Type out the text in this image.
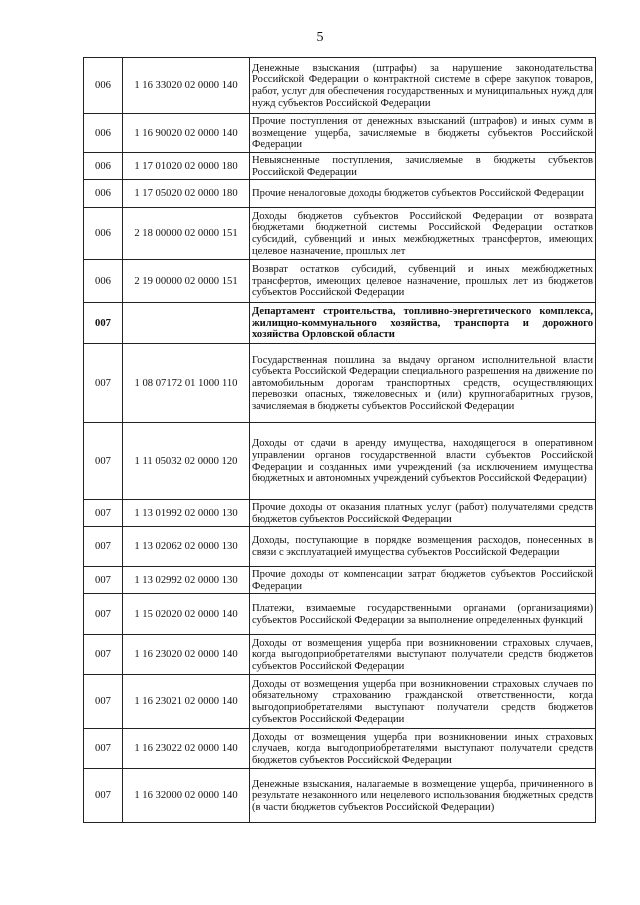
5
006	1 16 33020 02 0000 140	Денежные взыскания (штрафы) за нарушение законодательства Российской Федерации о контрактной системе в сфере закупок товаров, работ, услуг для обеспечения государственных и муниципальных нужд для нужд субъектов Российской Федерации

006	1 16 90020 02 0000 140	Прочие поступления от денежных взысканий (штрафов) и иных сумм в возмещение ущерба, зачисляемые в бюджеты субъектов Российской Федерации

006	1 17 01020 02 0000 180	Невыясненные поступления, зачисляемые в бюджеты субъектов Российской Федерации

006	1 17 05020 02 0000 180	Прочие неналоговые доходы бюджетов субъектов Российской Федерации

006	2 18 00000 02 0000 151	Доходы бюджетов субъектов Российской Федерации от возврата бюджетами бюджетной системы Российской Федерации остатков субсидий, субвенций и иных межбюджетных трансфертов, имеющих целевое назначение, прошлых лет

006	2 19 00000 02 0000 151	Возврат остатков субсидий, субвенций и иных межбюджетных трансфертов, имеющих целевое назначение, прошлых лет из бюджетов субъектов Российской Федерации

007		Департамент строительства, топливно-энергетического комплекса, жилищно-коммунального хозяйства, транспорта и дорожного хозяйства Орловской области

007	1 08 07172 01 1000 110	Государственная пошлина за выдачу органом исполнительной власти субъекта Российской Федерации специального разрешения на движение по автомобильным дорогам транспортных средств, осуществляющих перевозки опасных, тяжеловесных и (или) крупногабаритных грузов, зачисляемая в бюджеты субъектов Российской Федерации

007	1 11 05032 02 0000 120	Доходы от сдачи в аренду имущества, находящегося в оперативном управлении органов государственной власти субъектов Российской Федерации и созданных ими учреждений (за исключением имущества бюджетных и автономных учреждений субъектов Российской Федерации)

007	1 13 01992 02 0000 130	Прочие доходы от оказания платных услуг (работ) получателями средств бюджетов субъектов Российской Федерации

007	1 13 02062 02 0000 130	Доходы, поступающие в порядке возмещения расходов, понесенных в связи с эксплуатацией имущества субъектов Российской Федерации

007	1 13 02992 02 0000 130	Прочие доходы от компенсации затрат бюджетов субъектов Российской Федерации

007	1 15 02020 02 0000 140	Платежи, взимаемые государственными органами (организациями) субъектов Российской Федерации за выполнение определенных функций

007	1 16 23020 02 0000 140	Доходы от возмещения ущерба при возникновении страховых случаев, когда выгодоприобретателями выступают получатели средств бюджетов субъектов Российской Федерации

007	1 16 23021 02 0000 140	Доходы от возмещения ущерба при возникновении страховых случаев по обязательному страхованию гражданской ответственности, когда выгодоприобретателями выступают получатели средств бюджетов субъектов Российской Федерации

007	1 16 23022 02 0000 140	Доходы от возмещения ущерба при возникновении иных страховых случаев, когда выгодоприобретателями выступают получатели средств бюджетов субъектов Российской Федерации

007	1 16 32000 02 0000 140	Денежные взыскания, налагаемые в возмещение ущерба, причиненного в результате незаконного или нецелевого использования бюджетных средств (в части бюджетов субъектов Российской Федерации)
